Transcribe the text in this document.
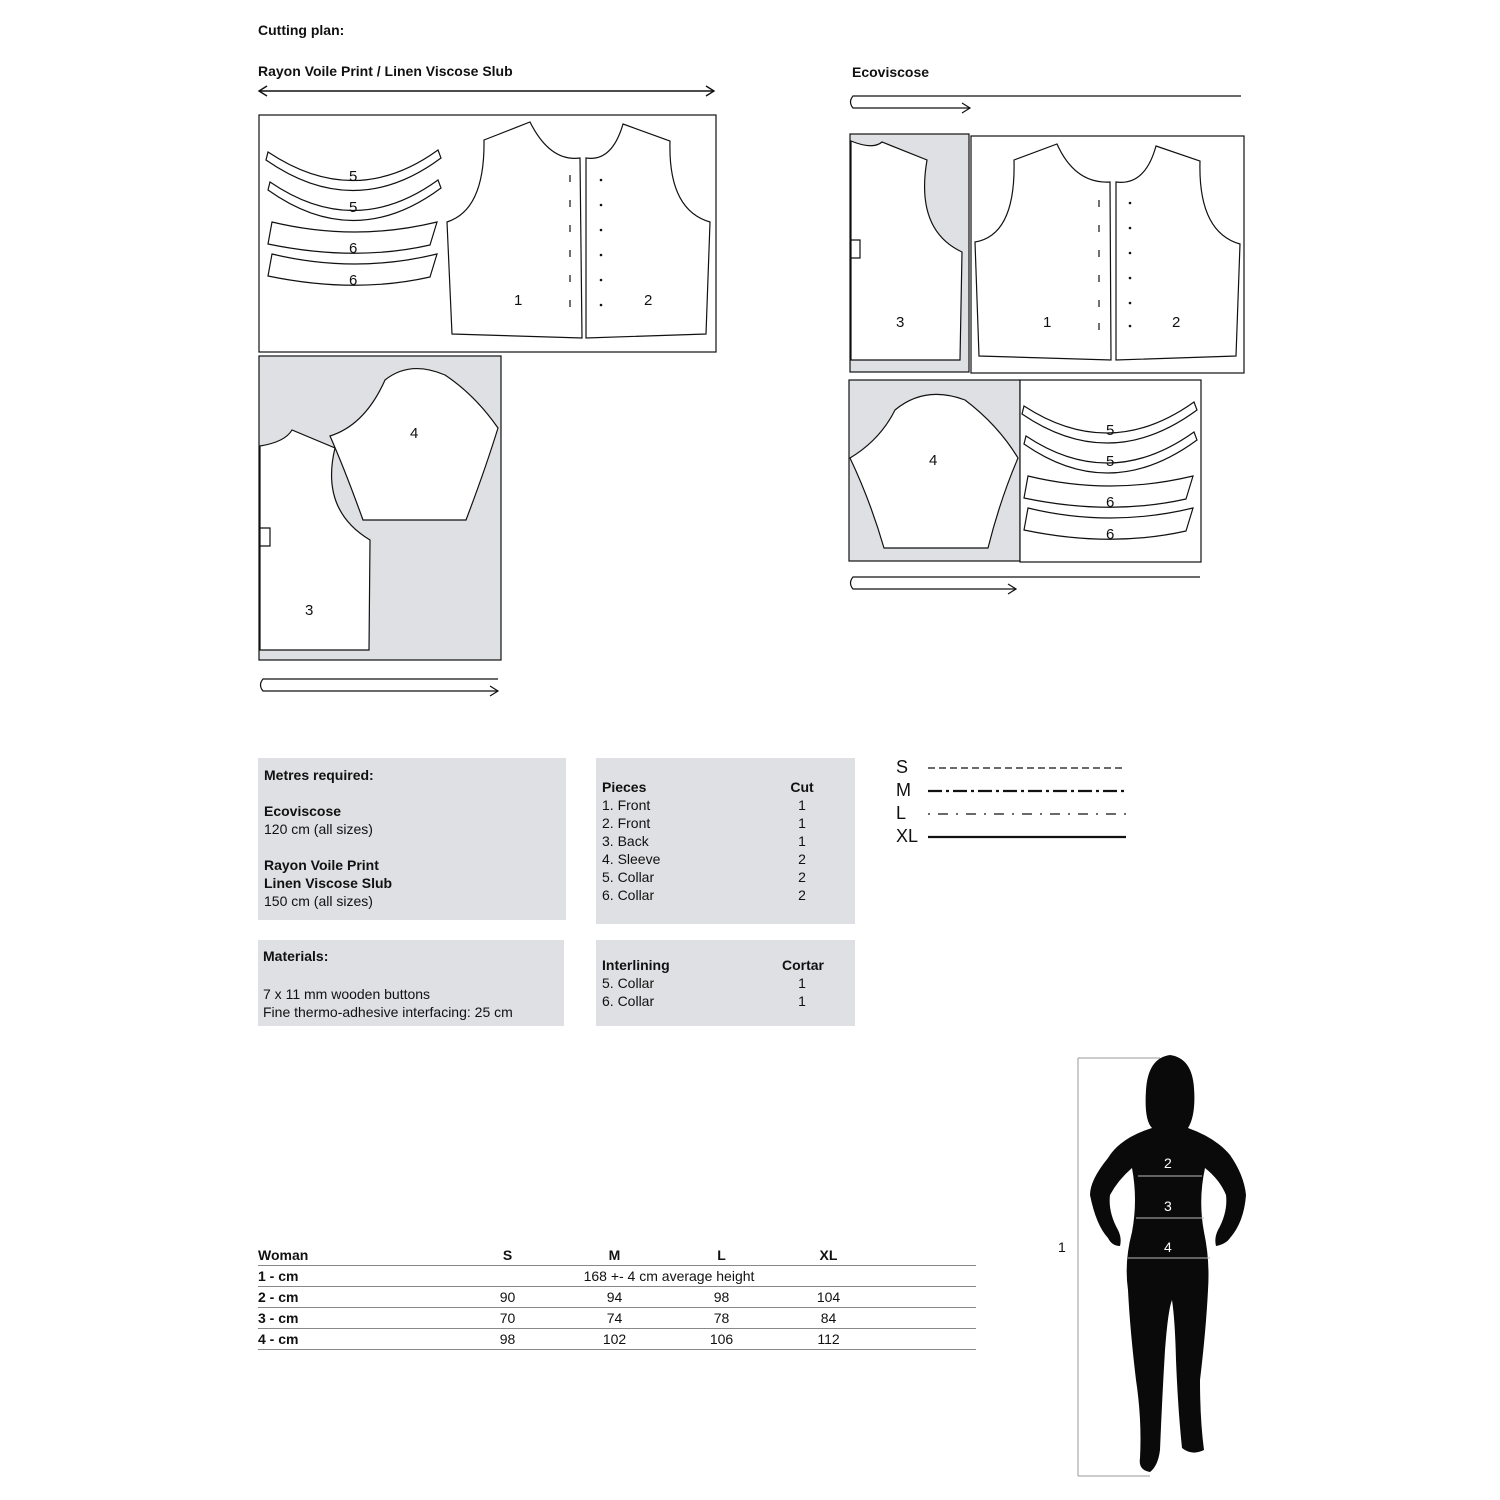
Cutting plan:
Rayon Voile Print / Linen Viscose Slub
5
5
6
6
1	2
4
3
Ecoviscose
3	1	2
4
5
5
6
6
Metres required:
Ecoviscose
120 cm (all sizes)
Rayon Voile Print
Linen Viscose Slub
150 cm (all sizes)
Materials:
7 x 11 mm wooden buttons
Fine thermo-adhesive interfacing: 25 cm
Pieces	Cut
1. Front	1
2. Front	1
3. Back	1
4. Sleeve	2
5. Collar	2
6. Collar	2
Interlining	Cortar
5. Collar	1
6. Collar	1
S
M
L
XL
Woman	S	M	L	XL
1 - cm	168 +- 4 cm average height
2 - cm	90	94	98	104
3 - cm	70	74	78	84
4 - cm	98	102	106	112
1
2
3
4
